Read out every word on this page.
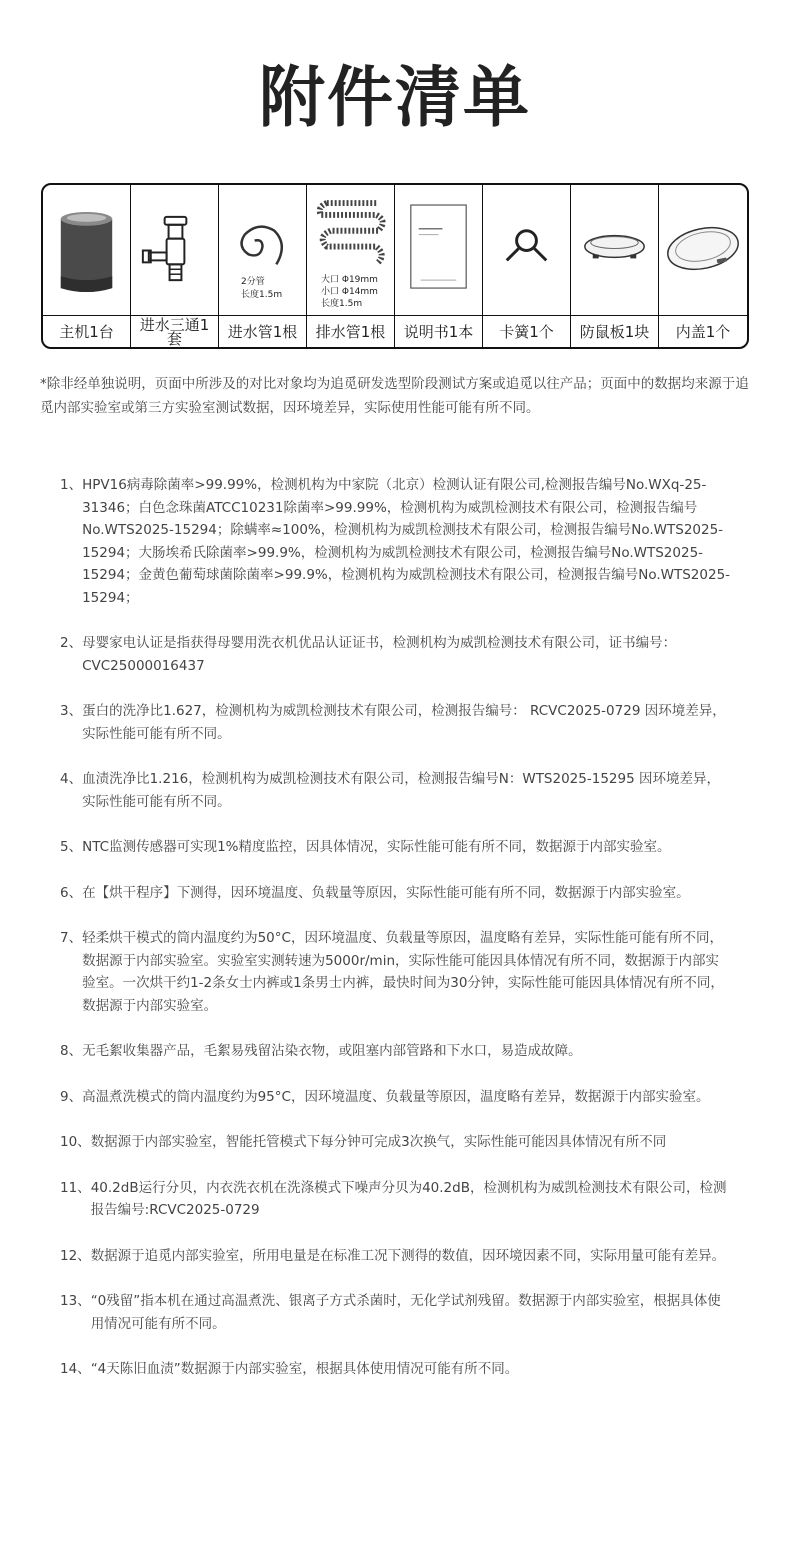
附件清单
2分管
长度1.5m
大口 Φ19mm
小口 Φ14mm
长度1.5m
主机1台	进水三通1套	进水管1根	排水管1根	说明书1本	卡簧1个	防鼠板1块	内盖1个
*除非经单独说明，页面中所涉及的对比对象均为追觅研发选型阶段测试方案或追觅以往产品；页面中的数据均来源于追觅内部实验室或第三方实验室测试数据，因环境差异，实际使用性能可能有所不同。
1、 HPV16病毒除菌率>99.99%，检测机构为中家院（北京）检测认证有限公司,检测报告编号No.WXq-25-31346；白色念珠菌ATCC10231除菌率>99.99%，检测机构为威凯检测技术有限公司，检测报告编号No.WTS2025-15294；除螨率≈100%，检测机构为威凯检测技术有限公司，检测报告编号No.WTS2025-15294；大肠埃希氏除菌率>99.9%，检测机构为威凯检测技术有限公司，检测报告编号No.WTS2025-15294；金黄色葡萄球菌除菌率>99.9%，检测机构为威凯检测技术有限公司，检测报告编号No.WTS2025-15294；
2、 母婴家电认证是指获得母婴用洗衣机优品认证证书，检测机构为威凯检测技术有限公司，证书编号：CVC25000016437
3、 蛋白的洗净比1.627，检测机构为威凯检测技术有限公司，检测报告编号： RCVC2025-0729 因环境差异，实际性能可能有所不同。
4、 血渍洗净比1.216，检测机构为威凯检测技术有限公司，检测报告编号N：WTS2025-15295 因环境差异，实际性能可能有所不同。
5、 NTC监测传感器可实现1%精度监控，因具体情况，实际性能可能有所不同，数据源于内部实验室。
6、 在【烘干程序】下测得，因环境温度、负载量等原因，实际性能可能有所不同，数据源于内部实验室。
7、 轻柔烘干模式的筒内温度约为50°C，因环境温度、负载量等原因，温度略有差异，实际性能可能有所不同，数据源于内部实验室。实验室实测转速为5000r/min，实际性能可能因具体情况有所不同，数据源于内部实验室。一次烘干约1-2条女士内裤或1条男士内裤，最快时间为30分钟，实际性能可能因具体情况有所不同，数据源于内部实验室。
8、 无毛絮收集器产品，毛絮易残留沾染衣物，或阻塞内部管路和下水口，易造成故障。
9、 高温煮洗模式的筒内温度约为95°C，因环境温度、负载量等原因，温度略有差异，数据源于内部实验室。
10、 数据源于内部实验室，智能托管模式下每分钟可完成3次换气，实际性能可能因具体情况有所不同
11、 40.2dB运行分贝，内衣洗衣机在洗涤模式下噪声分贝为40.2dB，检测机构为威凯检测技术有限公司，检测报告编号:RCVC2025-0729
12、 数据源于追觅内部实验室，所用电量是在标准工况下测得的数值，因环境因素不同，实际用量可能有差异。
13、 “0残留”指本机在通过高温煮洗、银离子方式杀菌时，无化学试剂残留。数据源于内部实验室，根据具体使用情况可能有所不同。
14、 “4天陈旧血渍”数据源于内部实验室，根据具体使用情况可能有所不同。
